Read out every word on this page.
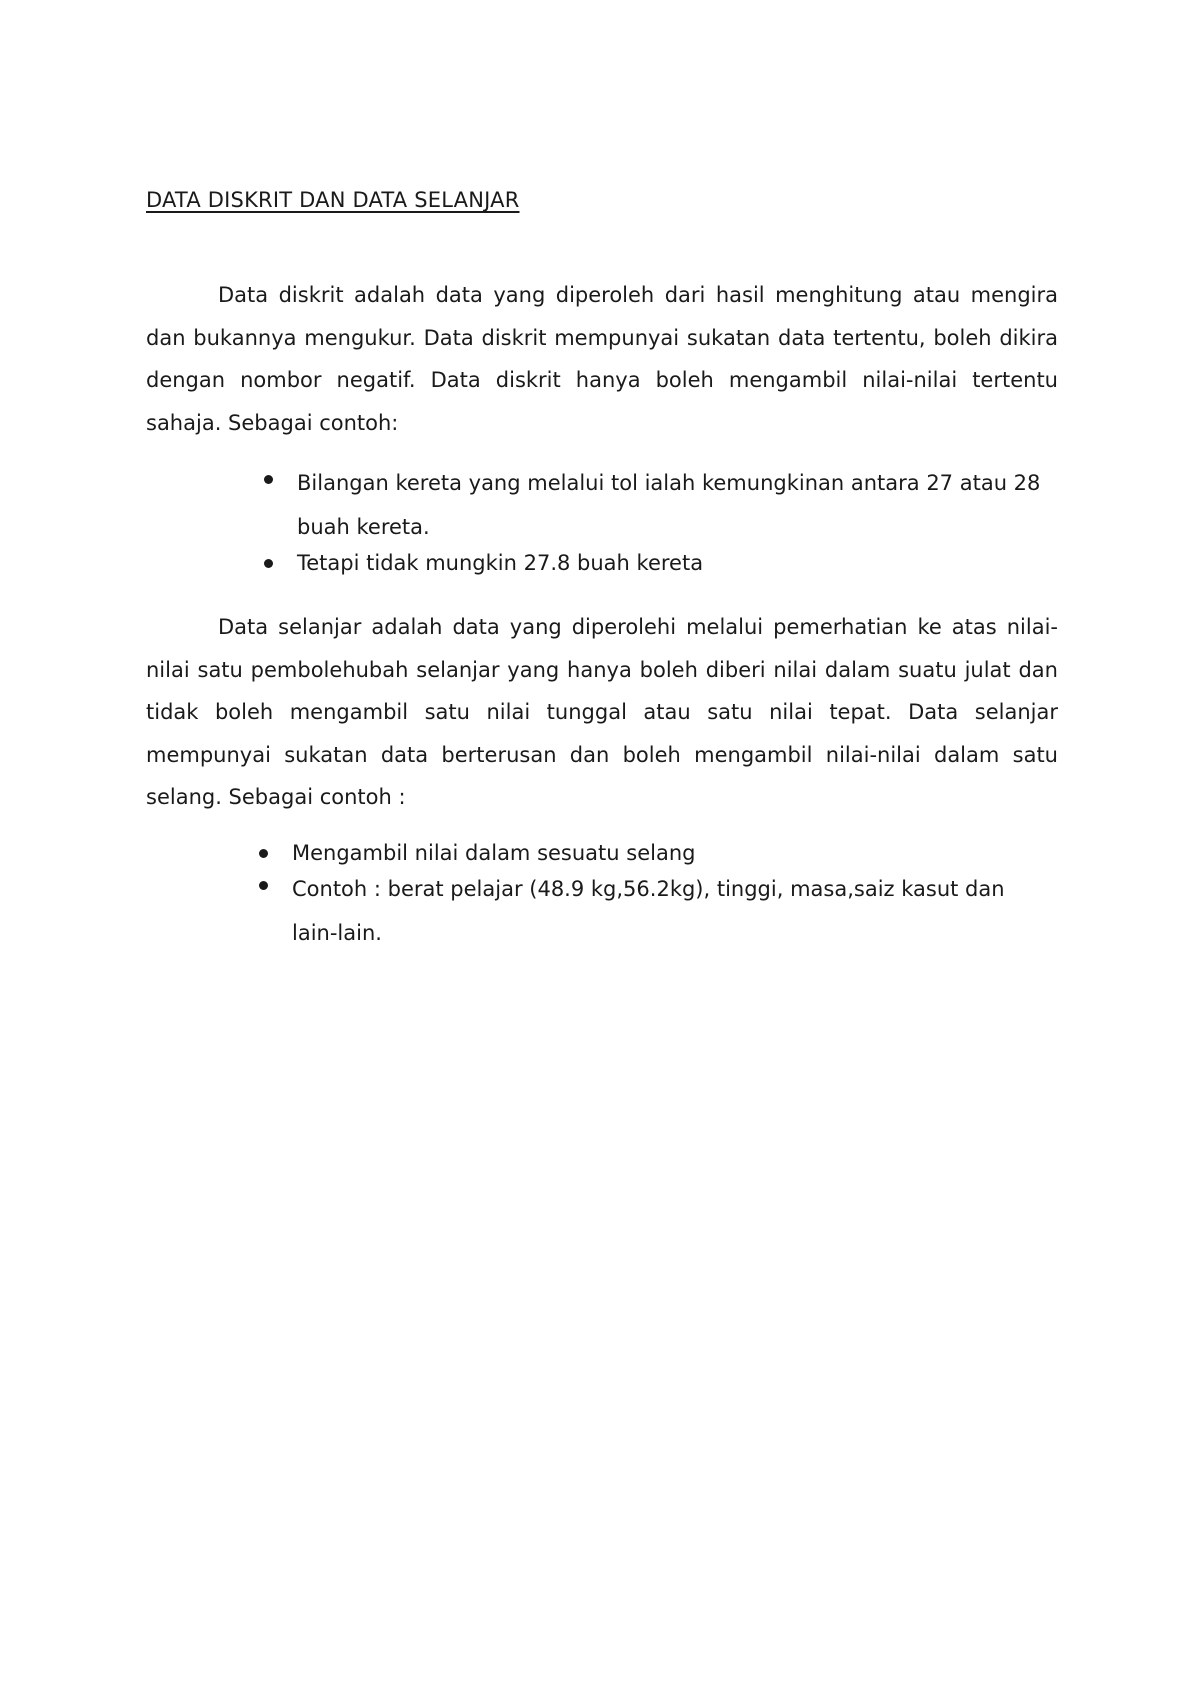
DATA DISKRIT DAN DATA SELANJAR

Data diskrit adalah data yang diperoleh dari hasil menghitung atau mengira dan bukannya mengukur. Data diskrit mempunyai sukatan data tertentu, boleh dikira dengan nombor negatif. Data diskrit hanya boleh mengambil nilai-nilai tertentu sahaja. Sebagai contoh:

Bilangan kereta yang melalui tol ialah kemungkinan antara 27 atau 28 buah kereta.
Tetapi tidak mungkin 27.8 buah kereta

Data selanjar adalah data yang diperolehi melalui pemerhatian ke atas nilai-nilai satu pembolehubah selanjar yang hanya boleh diberi nilai dalam suatu julat dan tidak boleh mengambil satu nilai tunggal atau satu nilai tepat. Data selanjar mempunyai sukatan data berterusan dan boleh mengambil nilai-nilai dalam satu selang. Sebagai contoh :

Mengambil nilai dalam sesuatu selang
Contoh : berat pelajar (48.9 kg,56.2kg), tinggi, masa,saiz kasut dan lain-lain.
